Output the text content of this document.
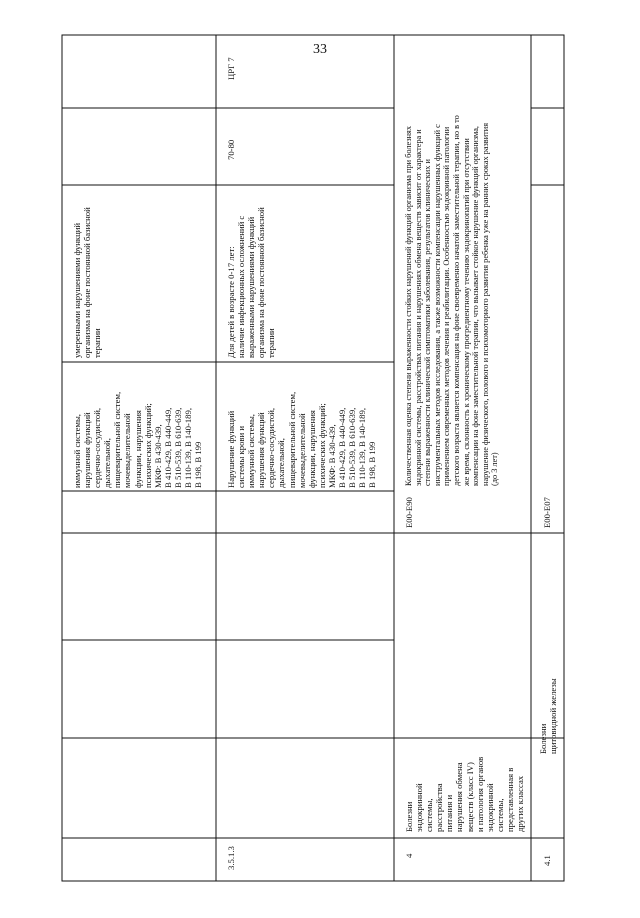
33
иммунной системы, нарушения функций сердечно-сосудистой, дыхательной, пищеварительной систем, мочевыделительной функции, нарушения психических функций; МКФ: B 430-439, B 410-429, B 440-449, B 510-539, B 610-639, B 110-139, B 140-189, B 198, B 199
умеренными нарушениями функций организма на фоне постоянной базисной терапии
3.5.1.3
Нарушение функций системы крови и иммунной системы, нарушения функций сердечно-сосудистой, дыхательной, пищеварительной систем, мочевыделительной функции, нарушения психических функций; МКФ: B 430-439, B 410-429, B 440-449, B 510-539, B 610-639, B 110-139, B 140-189, B 198, B 199
Для детей в возрасте 0-17 лет: наличие инфекционных осложнений с выраженными нарушениями функций организма на фоне постоянной базисной терапии
70-80
ЦРГ 7
4
Болезни эндокринной системы, расстройства питания и нарушения обмена веществ (класс IV) и патология органов эндокринной системы, представленная в других классах
E00-E90
Количественная оценка степени выраженности стойких нарушений функций организма при болезнях эндокринной системы, расстройствах питания и нарушениях обмена веществ зависит от характера и степени выраженности клинической симптоматики заболевания, результатов клинических и инструментальных методов исследования, а также возможности компенсации нарушенных функций с применением современных методов лечения и реабилитации. Особенностью эндокринной патологии детского возраста является компенсация на фоне своевременно начатой заместительной терапии, но в то же время, склонность к хроническому прогредиентному течению эндокринопатий при отсутствии компенсации на фоне заместительной терапии, что вызывает стойкое нарушение функций организма, нарушение физического, полового и психомоторного развития ребенка уже на ранних сроках развития (до 3 лет)
4.1
Болезни щитовидной железы
E00-E07
